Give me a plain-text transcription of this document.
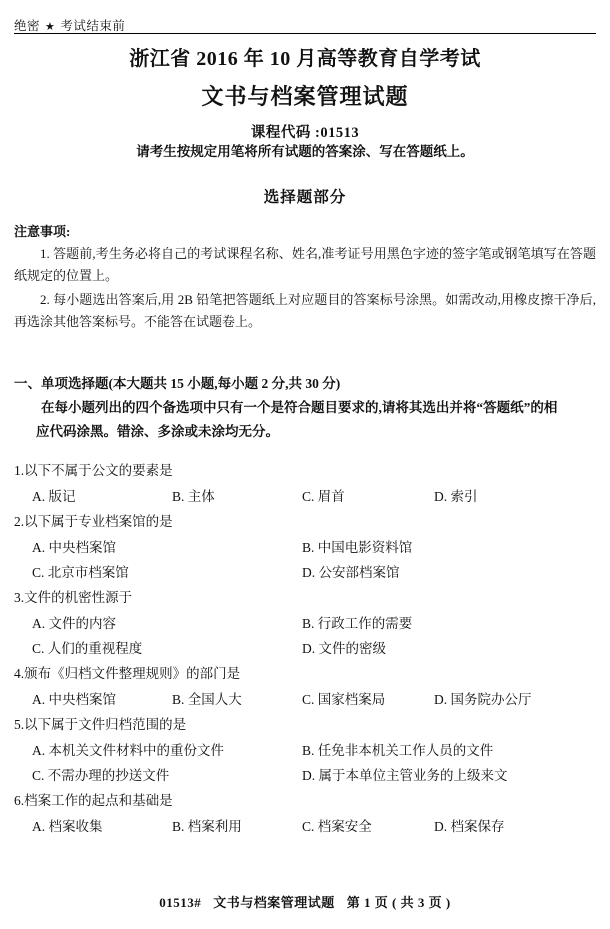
绝密 ★ 考试结束前
浙江省 2016 年 10 月高等教育自学考试
文书与档案管理试题
课程代码 :01513
请考生按规定用笔将所有试题的答案涂、写在答题纸上。
选择题部分
注意事项:

1. 答题前,考生务必将自己的考试课程名称、姓名,准考证号用黑色字迹的签字笔或钢笔填写在答题纸规定的位置上。

2. 每小题选出答案后,用 2B 铅笔把答题纸上对应题目的答案标号涂黑。如需改动,用橡皮擦干净后,再选涂其他答案标号。不能答在试题卷上。

一、单项选择题(本大题共 15 小题,每小题 2 分,共 30 分)

在每小题列出的四个备选项中只有一个是符合题目要求的,请将其选出并将“答题纸”的相

应代码涂黑。错涂、多涂或未涂均无分。

1.以下不属于公文的要素是
A. 版记	B. 主体	C. 眉首	D. 索引
2.以下属于专业档案馆的是
A. 中央档案馆	B. 中国电影资料馆
C. 北京市档案馆	D. 公安部档案馆
3.文件的机密性源于
A. 文件的内容	B. 行政工作的需要
C. 人们的重视程度	D. 文件的密级
4.颁布《归档文件整理规则》的部门是
A. 中央档案馆	B. 全国人大	C. 国家档案局	D. 国务院办公厅
5.以下属于文件归档范围的是
A. 本机关文件材料中的重份文件	B. 任免非本机关工作人员的文件
C. 不需办理的抄送文件	D. 属于本单位主管业务的上级来文
6.档案工作的起点和基础是
A. 档案收集	B. 档案利用	C. 档案安全	D. 档案保存
01513# 文书与档案管理试题 第 1 页 ( 共 3 页 )
